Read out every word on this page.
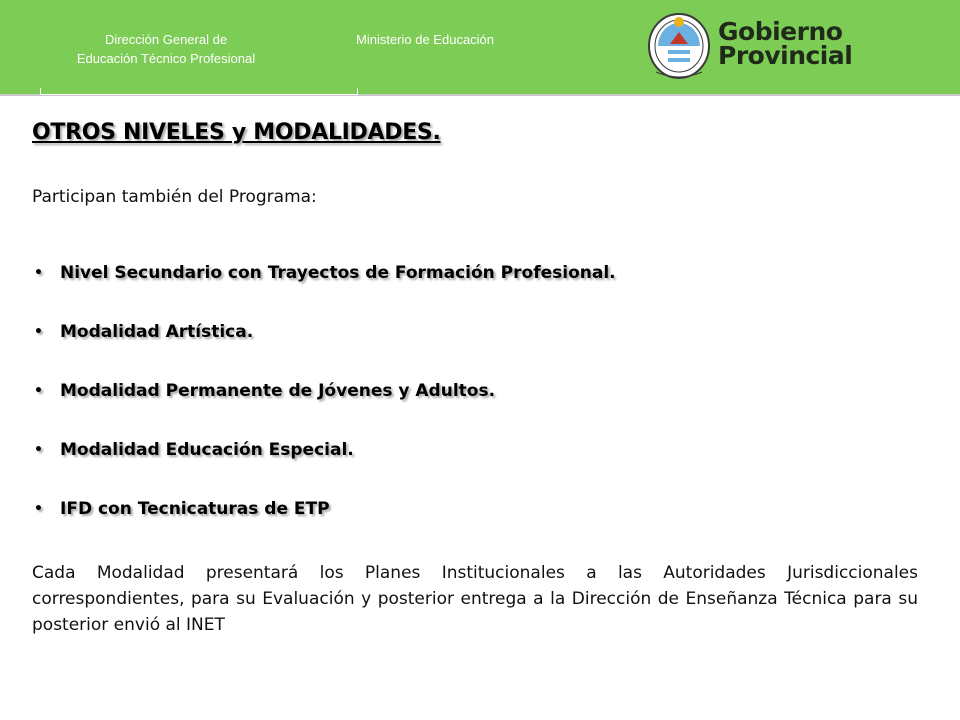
Dirección General de
Educación Técnico Profesional
Ministerio de Educación	Gobierno
Provincial
OTROS NIVELES y MODALIDADES.
Participan también del Programa:
•	Nivel Secundario con Trayectos de Formación Profesional.
•	Modalidad Artística.
•	Modalidad Permanente de Jóvenes y Adultos.
•	Modalidad Educación Especial.
•	IFD con Tecnicaturas de ETP
Cada Modalidad presentará los Planes Institucionales a las Autoridades Jurisdiccionales correspondientes, para su Evaluación y posterior entrega a la Dirección de Enseñanza Técnica para su posterior envió al INET
